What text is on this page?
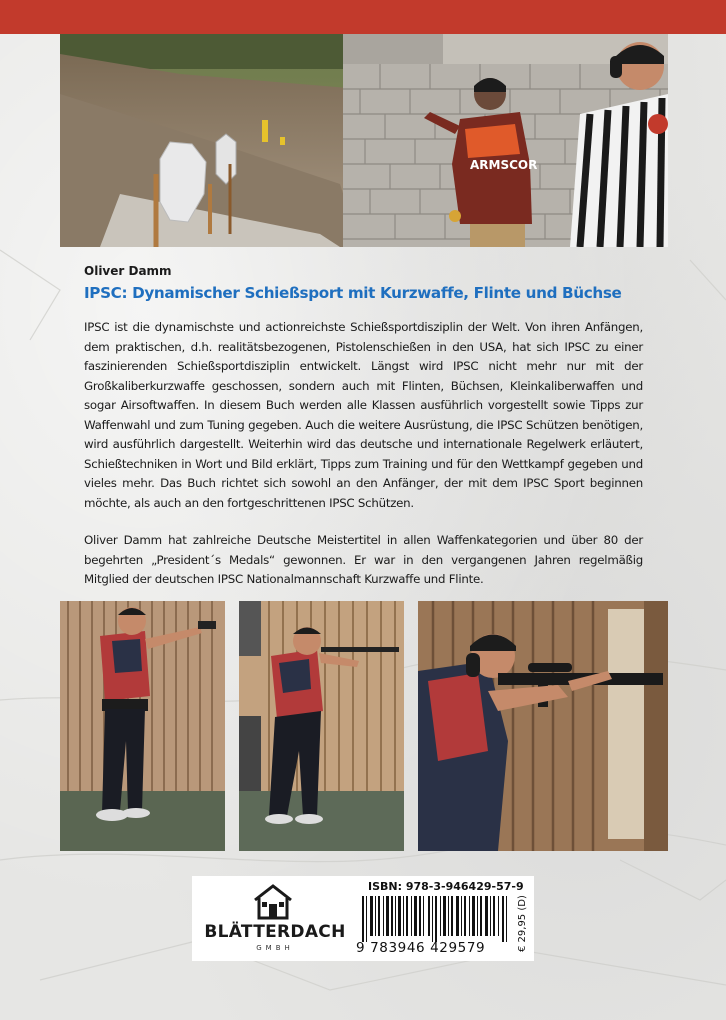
ARMSCOR
Oliver Damm
IPSC: Dynamischer Schießsport mit Kurzwaffe, Flinte und Büchse

IPSC ist die dynamischste und actionreichste Schießsportdisziplin der Welt. Von ihren Anfängen, dem praktischen, d.h. realitätsbezogenen, Pistolenschießen in den USA, hat sich IPSC zu einer faszinierenden Schießsportdisziplin entwickelt. Längst wird IPSC nicht mehr nur mit der Großkaliberkurzwaffe geschossen, sondern auch mit Flinten, Büchsen, Kleinkaliberwaffen und sogar Airsoftwaffen. In diesem Buch werden alle Klassen ausführlich vorgestellt sowie Tipps zur Waffenwahl und zum Tuning gegeben. Auch die weitere Ausrüstung, die IPSC Schützen benötigen, wird ausführlich dargestellt. Weiterhin wird das deutsche und internationale Regelwerk erläutert, Schießtechniken in Wort und Bild erklärt, Tipps zum Training und für den Wettkampf gegeben und vieles mehr. Das Buch richtet sich sowohl an den Anfänger, der mit dem IPSC Sport beginnen möchte, als auch an den fortgeschrittenen IPSC Schützen.

Oliver Damm hat zahlreiche Deutsche Meistertitel in allen Waffenkategorien und über 80 der begehrten „President´s Medals“ gewonnen. Er war in den vergangenen Jahren regelmäßig Mitglied der deutschen IPSC Nationalmannschaft Kurzwaffe und Flinte.

BLÄTTERDACH
GMBH
ISBN: 978-3-946429-57-9
9 783946 429579	€ 29,95 (D)
